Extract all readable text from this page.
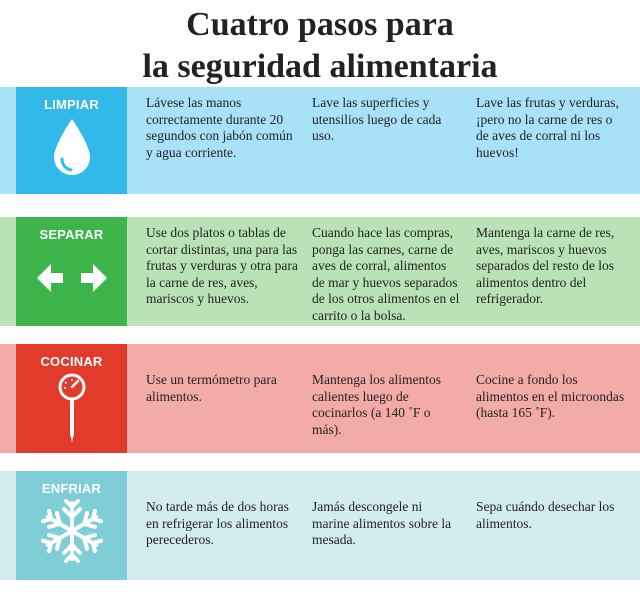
Cuatro pasos para
la seguridad alimentaria
LIMPIAR	Lávese las manos correctamente durante 20 segundos con jabón común y agua corriente.
Lave las superficies y utensilios luego de cada uso.
Lave las frutas y verduras, ¡pero no la carne de res o de aves de corral ni los huevos!
SEPARAR	Use dos platos o tablas de cortar distintas, una para las frutas y verduras y otra para la carne de res, aves, mariscos y huevos.
Cuando hace las compras, ponga las carnes, carne de aves de corral, alimentos de mar y huevos separados de los otros alimentos en el carrito o la bolsa.
Mantenga la carne de res, aves, mariscos y huevos separados del resto de los alimentos dentro del refrigerador.
COCINAR
Use un termómetro para alimentos.
Mantenga los alimentos calientes luego de cocinarlos (a 140 ˚F o más).
Cocine a fondo los alimentos en el microondas (hasta 165 ˚F).
ENFRIAR
No tarde más de dos horas en refrigerar los alimentos perecederos.
Jamás descongele ni marine alimentos sobre la mesada.
Sepa cuándo desechar los alimentos.
